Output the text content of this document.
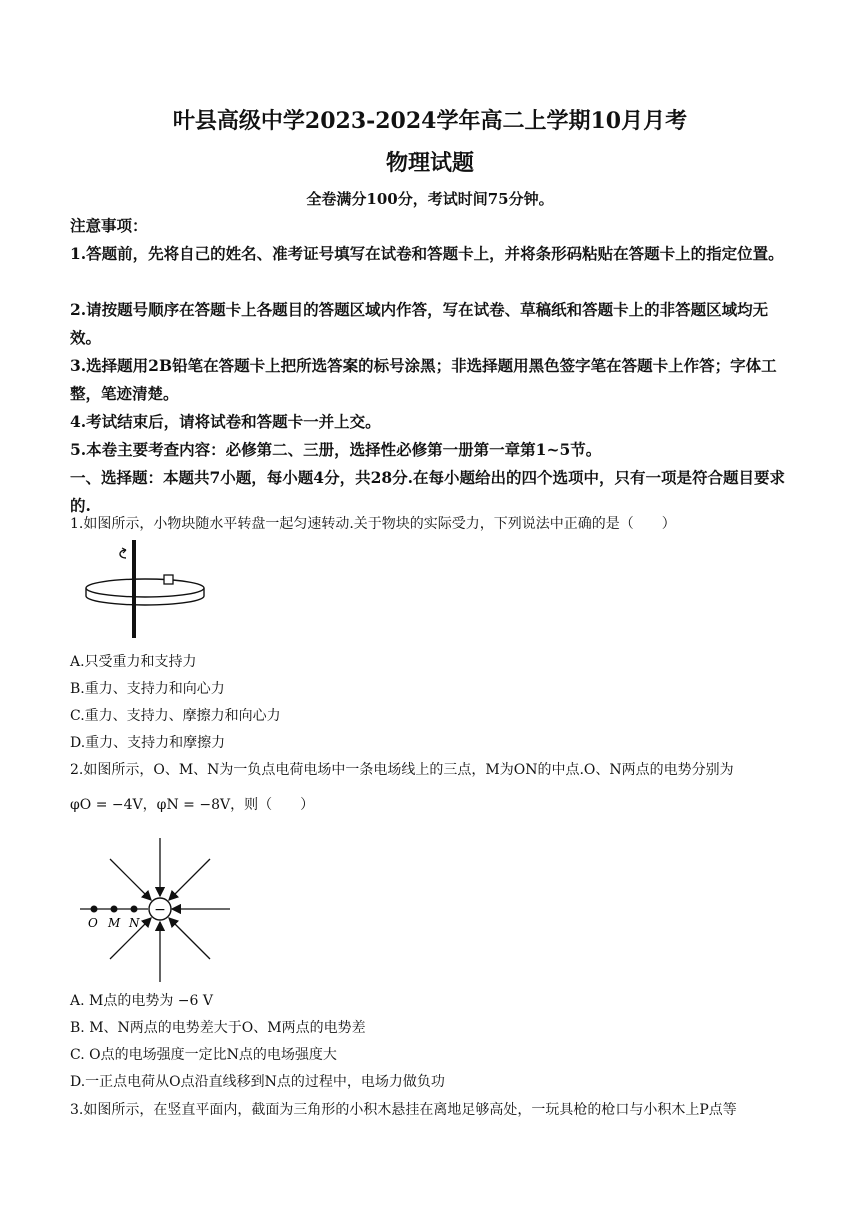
叶县高级中学2023-2024学年高二上学期10月月考
物理试题
全卷满分100分，考试时间75分钟。
注意事项：
1.答题前，先将自己的姓名、准考证号填写在试卷和答题卡上，并将条形码粘贴在答题卡上的指定位置。
2.请按题号顺序在答题卡上各题目的答题区域内作答，写在试卷、草稿纸和答题卡上的非答题区域均无效。
3.选择题用2B铅笔在答题卡上把所选答案的标号涂黑；非选择题用黑色签字笔在答题卡上作答；字体工整，笔迹清楚。
4.考试结束后，请将试卷和答题卡一并上交。
5.本卷主要考查内容：必修第二、三册，选择性必修第一册第一章第1~5节。
一、选择题：本题共7小题，每小题4分，共28分.在每小题给出的四个选项中，只有一项是符合题目要求的.
1.如图所示，小物块随水平转盘一起匀速转动.关于物块的实际受力，下列说法中正确的是（　　）
A.只受重力和支持力
B.重力、支持力和向心力
C.重力、支持力、摩擦力和向心力
D.重力、支持力和摩擦力
2.如图所示，O、M、N为一负点电荷电场中一条电场线上的三点，M为ON的中点.O、N两点的电势分别为
φO = −4V，φN = −8V，则（　　）
−
O M N
A. M点的电势为 −6 V
B. M、N两点的电势差大于O、M两点的电势差
C. O点的电场强度一定比N点的电场强度大
D.一正点电荷从O点沿直线移到N点的过程中，电场力做负功
3.如图所示，在竖直平面内，截面为三角形的小积木悬挂在离地足够高处，一玩具枪的枪口与小积木上P点等
